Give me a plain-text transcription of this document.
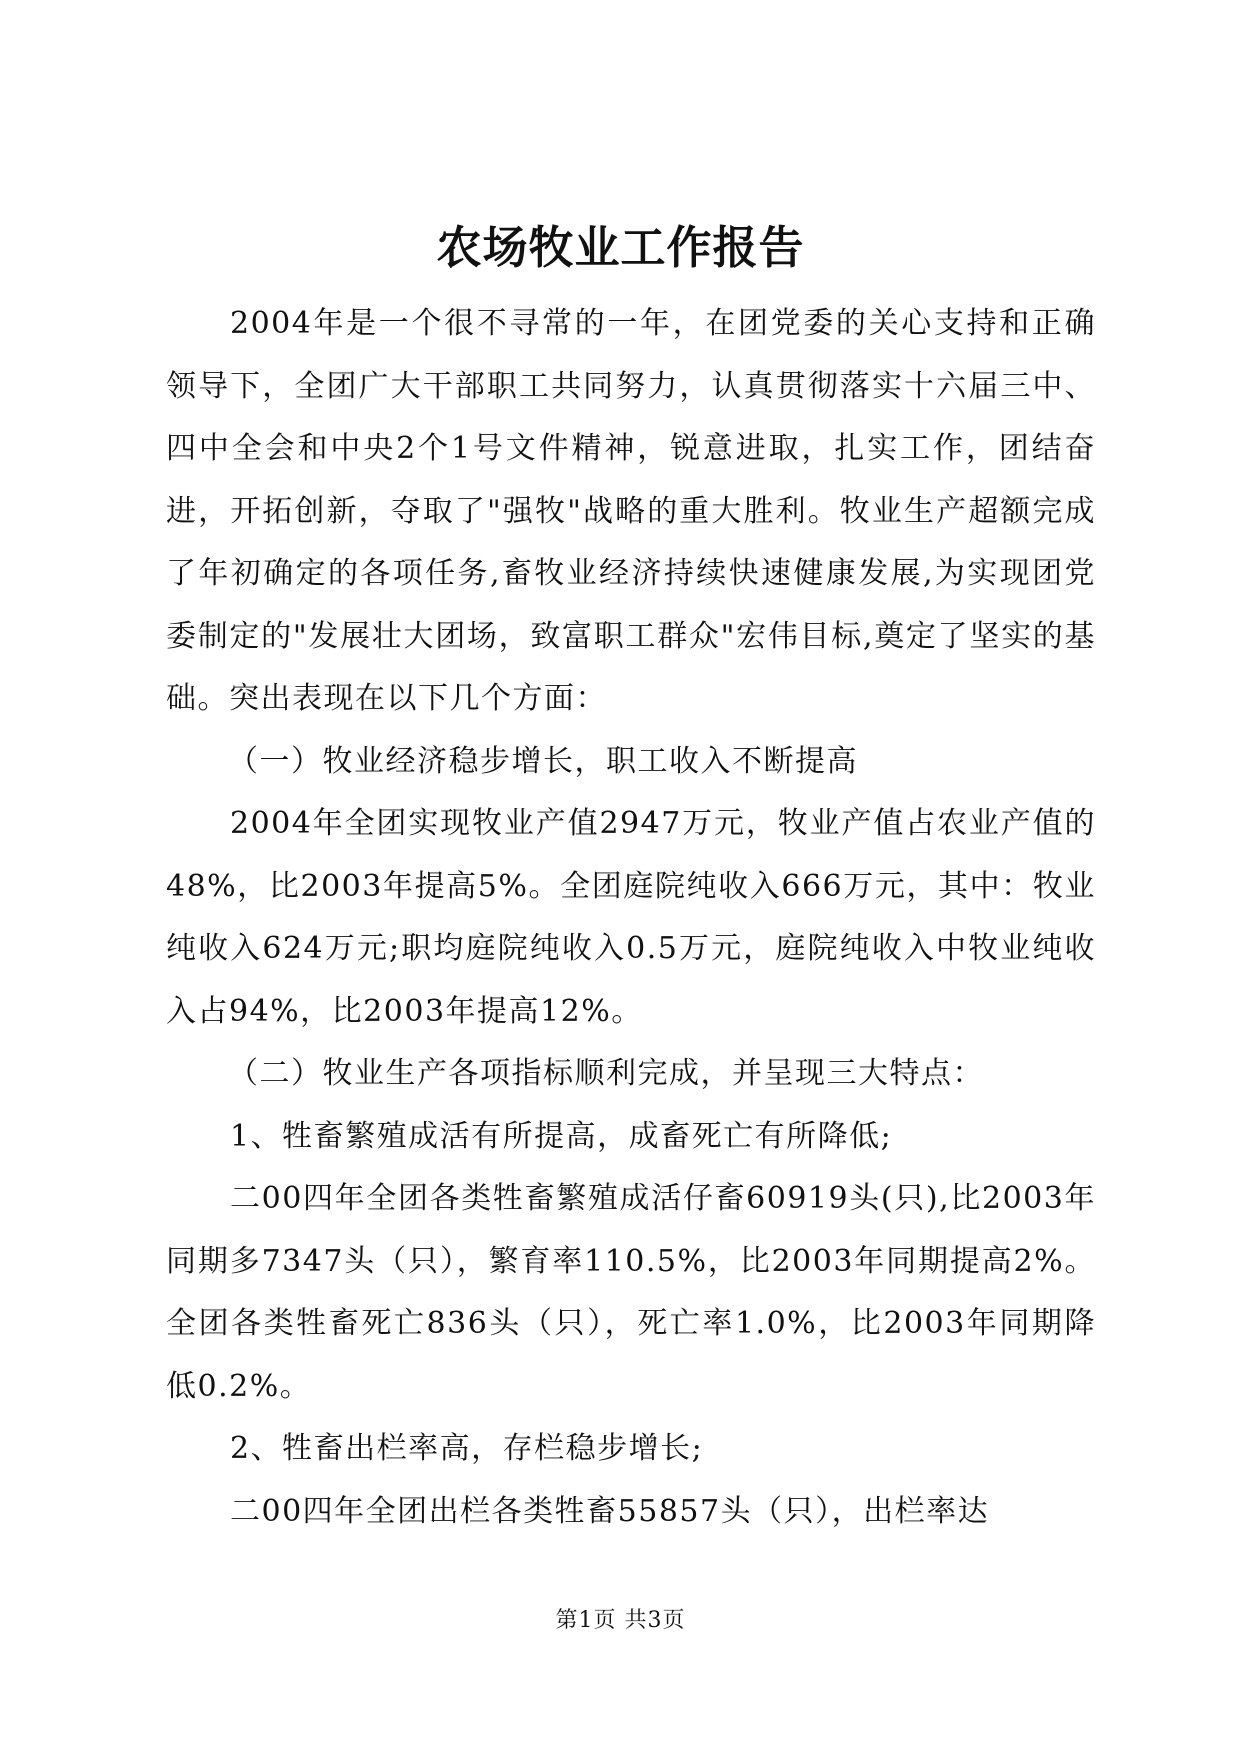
农场牧业工作报告

2004年是一个很不寻常的一年，在团党委的关心支持和正确领导下，全团广大干部职工共同努力，认真贯彻落实十六届三中、四中全会和中央2个1号文件精神，锐意进取，扎实工作，团结奋进，开拓创新，夺取了"强牧"战略的重大胜利。牧业生产超额完成了年初确定的各项任务,畜牧业经济持续快速健康发展,为实现团党委制定的"发展壮大团场，致富职工群众"宏伟目标,奠定了坚实的基础。突出表现在以下几个方面：

（一）牧业经济稳步增长，职工收入不断提高

2004年全团实现牧业产值2947万元，牧业产值占农业产值的48%，比2003年提高5%。全团庭院纯收入666万元，其中：牧业纯收入624万元;职均庭院纯收入0.5万元，庭院纯收入中牧业纯收入占94%，比2003年提高12%。

（二）牧业生产各项指标顺利完成，并呈现三大特点：

1、牲畜繁殖成活有所提高，成畜死亡有所降低;

二00四年全团各类牲畜繁殖成活仔畜60919头(只),比2003年同期多7347头（只），繁育率110.5%，比2003年同期提高2%。全团各类牲畜死亡836头（只），死亡率1.0%，比2003年同期降低0.2%。

2、牲畜出栏率高，存栏稳步增长;

二00四年全团出栏各类牲畜55857头（只），出栏率达

第1页 共3页
